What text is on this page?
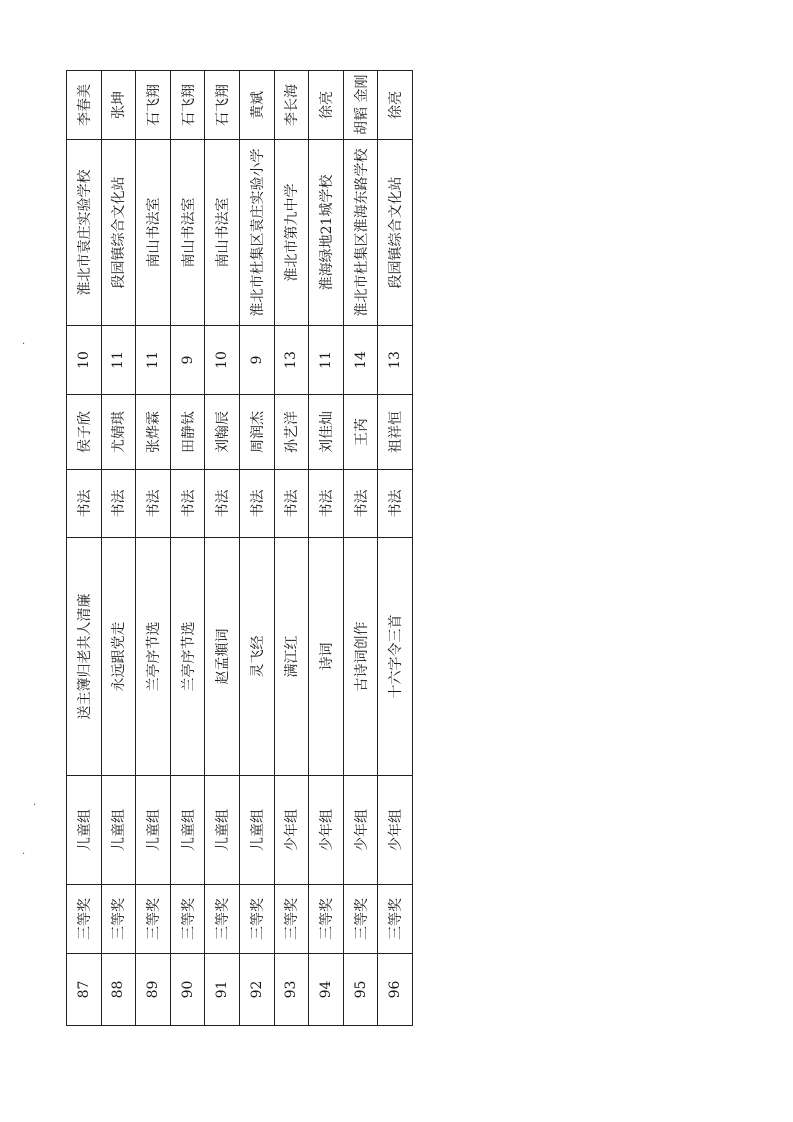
·
·
·
87	三等奖	儿童组	送主簿归老共人清廉	书法	侯子欣	10	淮北市袁庄实验学校	李春美
88	三等奖	儿童组	永远跟党走	书法	尤婧琪	11	段园镇综合文化站	张坤
89	三等奖	儿童组	兰亭序节选	书法	张烨霖	11	南山书法室	石飞翔
90	三等奖	儿童组	兰亭序节选	书法	田静钛	9	南山书法室	石飞翔
91	三等奖	儿童组	赵孟頫词	书法	刘翰辰	10	南山书法室	石飞翔
92	三等奖	儿童组	灵飞经	书法	周润杰	9	淮北市杜集区袁庄实验小学	黄斌
93	三等奖	少年组	满江红	书法	孙艺洋	13	淮北市第九中学	李长海
94	三等奖	少年组	诗词	书法	刘佳灿	11	淮海绿地21城学校	徐亮
95	三等奖	少年组	古诗词创作	书法	王芮	14	淮北市杜集区淮海东路学校	胡韬 金刚
96	三等奖	少年组	十六字令三首	书法	祖祥恒	13	段园镇综合文化站	徐亮
